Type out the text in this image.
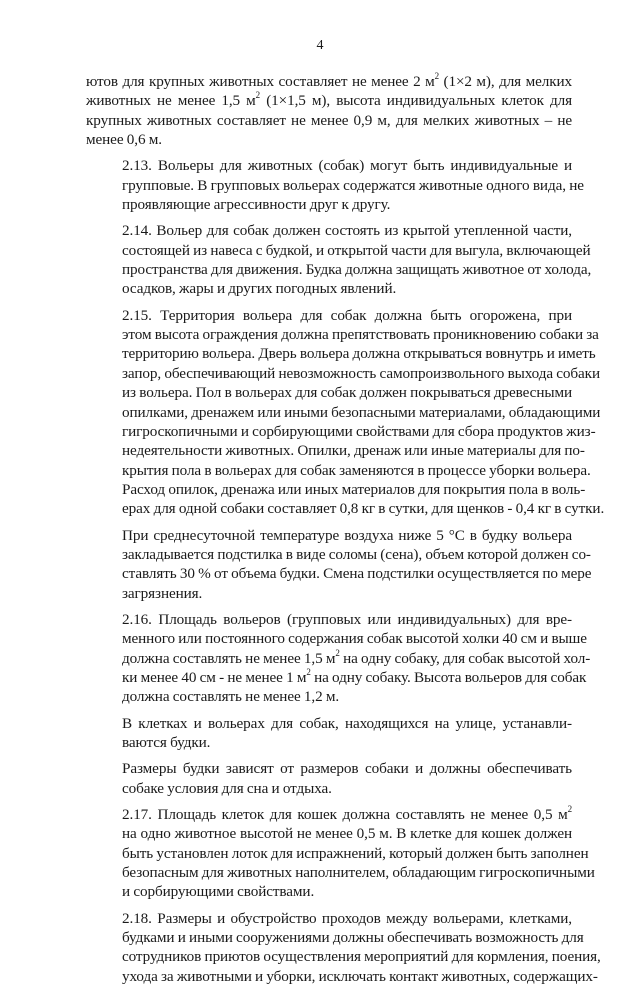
4
ютов для крупных животных составляет не менее 2 $м^2$ (1×2 м), для мелких
животных не менее 1,5 $м^2$ (1×1,5 м), высота индивидуальных клеток для
крупных животных составляет не менее 0,9 м, для мелких животных – не
менее 0,6 м.
2.13. Вольеры для животных (собак) могут быть индивидуальные и
групповые. В групповых вольерах содержатся животные одного вида, не
проявляющие агрессивности друг к другу.
2.14. Вольер для собак должен состоять из крытой утепленной части,
состоящей из навеса с будкой, и открытой части для выгула, включающей
пространства для движения. Будка должна защищать животное от холода,
осадков, жары и других погодных явлений.
2.15. Территория вольера для собак должна быть огорожена, при
этом высота ограждения должна препятствовать проникновению собаки за
территорию вольера. Дверь вольера должна открываться вовнутрь и иметь
запор, обеспечивающий невозможность самопроизвольного выхода собаки
из вольера. Пол в вольерах для собак должен покрываться древесными
опилками, дренажем или иными безопасными материалами, обладающими
гигроскопичными и сорбирующими свойствами для сбора продуктов жиз-
недеятельности животных. Опилки, дренаж или иные материалы для по-
крытия пола в вольерах для собак заменяются в процессе уборки вольера.
Расход опилок, дренажа или иных материалов для покрытия пола в воль-
ерах для одной собаки составляет 0,8 кг в сутки, для щенков - 0,4 кг в сутки.
При среднесуточной температуре воздуха ниже 5 °С в будку вольера
закладывается подстилка в виде соломы (сена), объем которой должен со-
ставлять 30 % от объема будки. Смена подстилки осуществляется по мере
загрязнения.
2.16. Площадь вольеров (групповых или индивидуальных) для вре-
менного или постоянного содержания собак высотой холки 40 см и выше
должна составлять не менее 1,5 $м^2$ на одну собаку, для собак высотой хол-
ки менее 40 см - не менее 1 $м^2$ на одну собаку. Высота вольеров для собак
должна составлять не менее 1,2 м.
В клетках и вольерах для собак, находящихся на улице, устанавли-
ваются будки.
Размеры будки зависят от размеров собаки и должны обеспечивать
собаке условия для сна и отдыха.
2.17. Площадь клеток для кошек должна составлять не менее 0,5 $м^2$
на одно животное высотой не менее 0,5 м. В клетке для кошек должен
быть установлен лоток для испражнений, который должен быть заполнен
безопасным для животных наполнителем, обладающим гигроскопичными
и сорбирующими свойствами.
2.18. Размеры и обустройство проходов между вольерами, клетками,
будками и иными сооружениями должны обеспечивать возможность для
сотрудников приютов осуществления мероприятий для кормления, поения,
ухода за животными и уборки, исключать контакт животных, содержащих-
